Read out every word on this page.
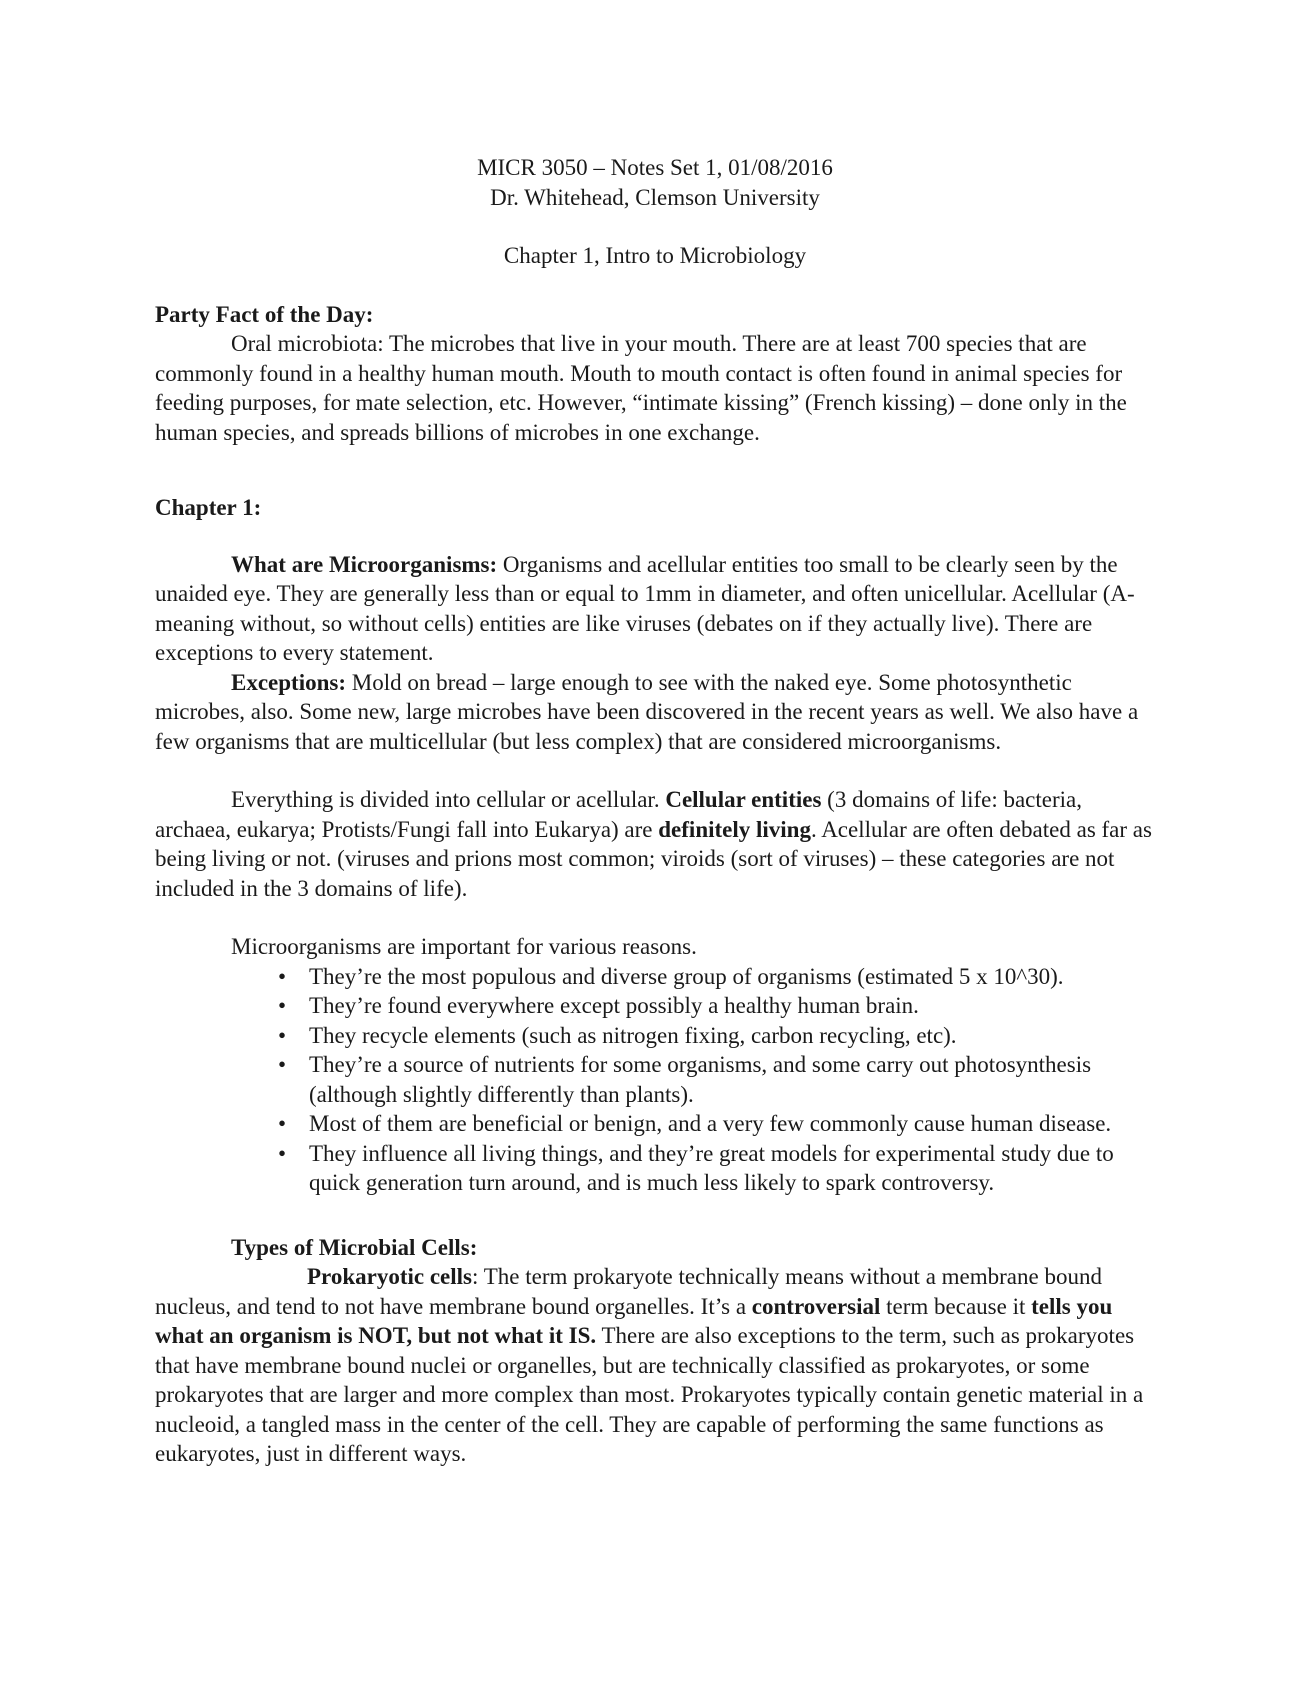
MICR 3050 – Notes Set 1, 01/08/2016

Dr. Whitehead, Clemson University

Chapter 1, Intro to Microbiology

Party Fact of the Day:

Oral microbiota: The microbes that live in your mouth. There are at least 700 species that are commonly found in a healthy human mouth. Mouth to mouth contact is often found in animal species for feeding purposes, for mate selection, etc. However, “intimate kissing” (French kissing) – done only in the human species, and spreads billions of microbes in one exchange.

Chapter 1:

What are Microorganisms: Organisms and acellular entities too small to be clearly seen by the unaided eye. They are generally less than or equal to 1mm in diameter, and often unicellular. Acellular (A- meaning without, so without cells) entities are like viruses (debates on if they actually live). There are exceptions to every statement.

Exceptions: Mold on bread – large enough to see with the naked eye. Some photosynthetic microbes, also. Some new, large microbes have been discovered in the recent years as well. We also have a few organisms that are multicellular (but less complex) that are considered microorganisms.

Everything is divided into cellular or acellular. Cellular entities (3 domains of life: bacteria, archaea, eukarya; Protists/Fungi fall into Eukarya) are definitely living. Acellular are often debated as far as being living or not. (viruses and prions most common; viroids (sort of viruses) – these categories are not included in the 3 domains of life).

Microorganisms are important for various reasons.

• They’re the most populous and diverse group of organisms (estimated 5 x 10^30).
• They’re found everywhere except possibly a healthy human brain.
• They recycle elements (such as nitrogen fixing, carbon recycling, etc).
• They’re a source of nutrients for some organisms, and some carry out photosynthesis (although slightly differently than plants).
• Most of them are beneficial or benign, and a very few commonly cause human disease.
• They influence all living things, and they’re great models for experimental study due to quick generation turn around, and is much less likely to spark controversy.

Types of Microbial Cells:

Prokaryotic cells: The term prokaryote technically means without a membrane bound nucleus, and tend to not have membrane bound organelles. It’s a controversial term because it tells you what an organism is NOT, but not what it IS. There are also exceptions to the term, such as prokaryotes that have membrane bound nuclei or organelles, but are technically classified as prokaryotes, or some prokaryotes that are larger and more complex than most. Prokaryotes typically contain genetic material in a nucleoid, a tangled mass in the center of the cell. They are capable of performing the same functions as eukaryotes, just in different ways.
